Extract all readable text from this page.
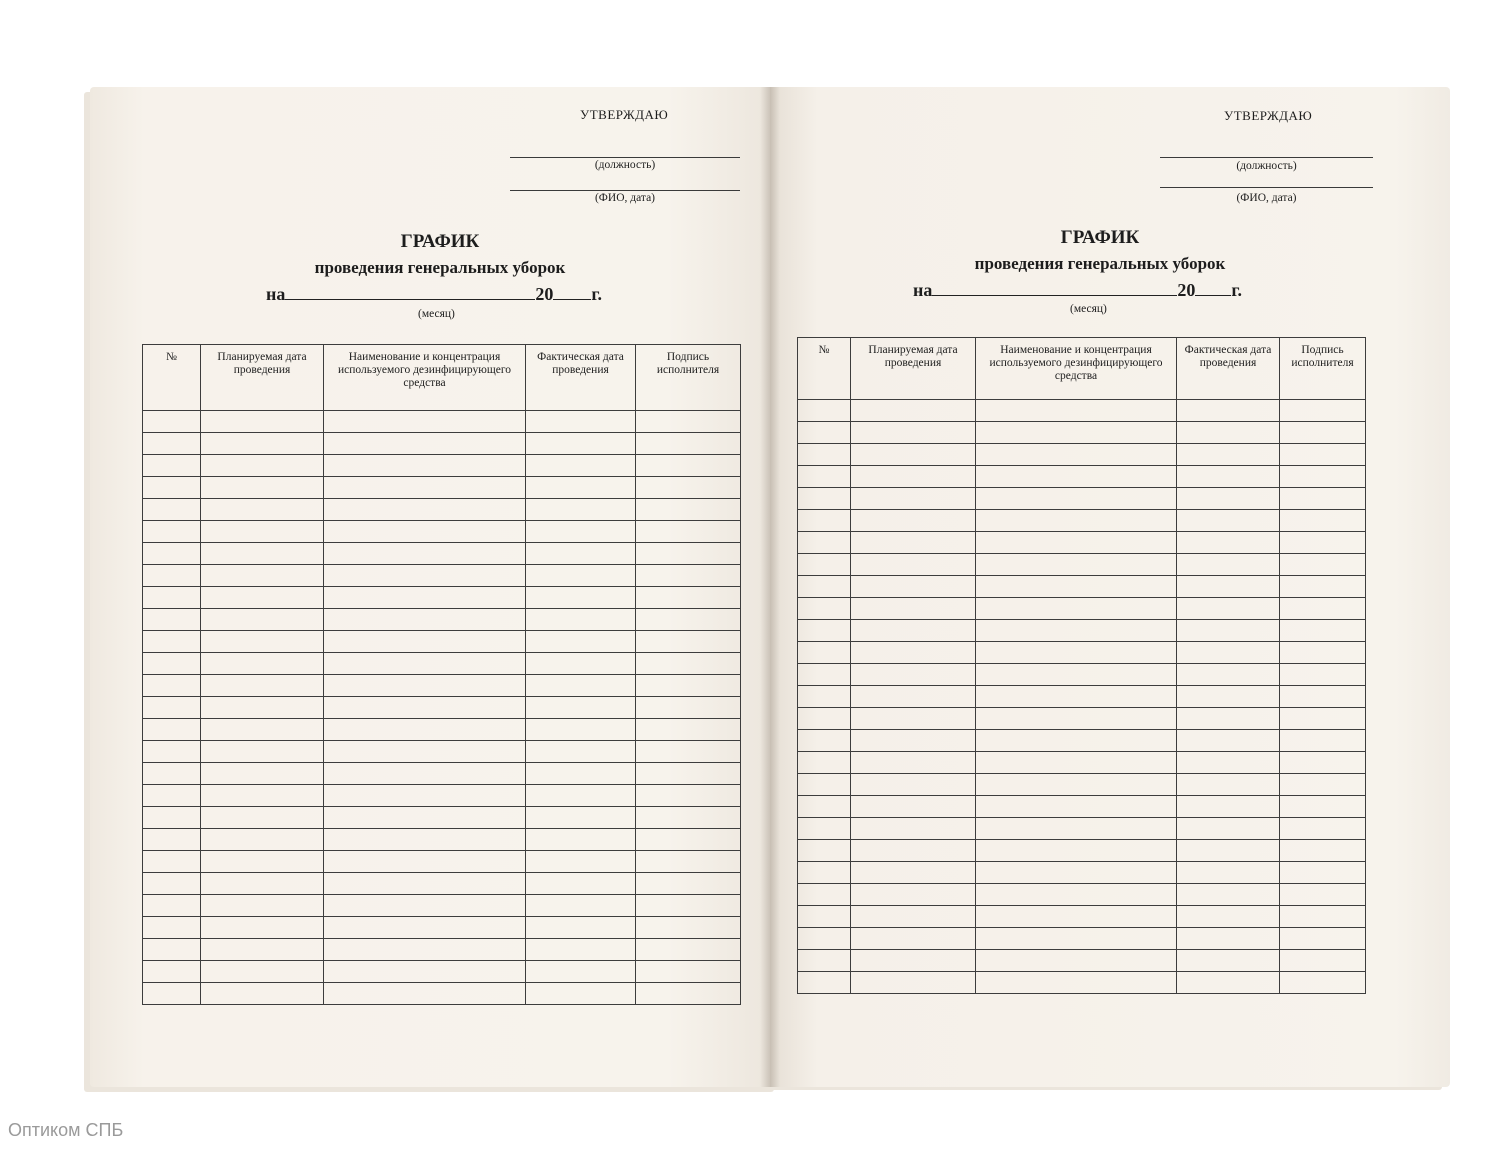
УТВЕРЖДАЮ
(должность)
(ФИО, дата)
ГРАФИК
проведения генеральных уборок
на	20 г.
(месяц)
№	Планируемая дата проведения	Наименование и концентрация используемого дезинфицирующего средства	Фактическая дата проведения	Подпись исполнителя

УТВЕРЖДАЮ
(должность)
(ФИО, дата)
ГРАФИК
проведения генеральных уборок
на	20 г.
(месяц)
№	Планируемая дата проведения	Наименование и концентрация используемого дезинфицирующего средства	Фактическая дата проведения	Подпись исполнителя

Оптиком СПБ
